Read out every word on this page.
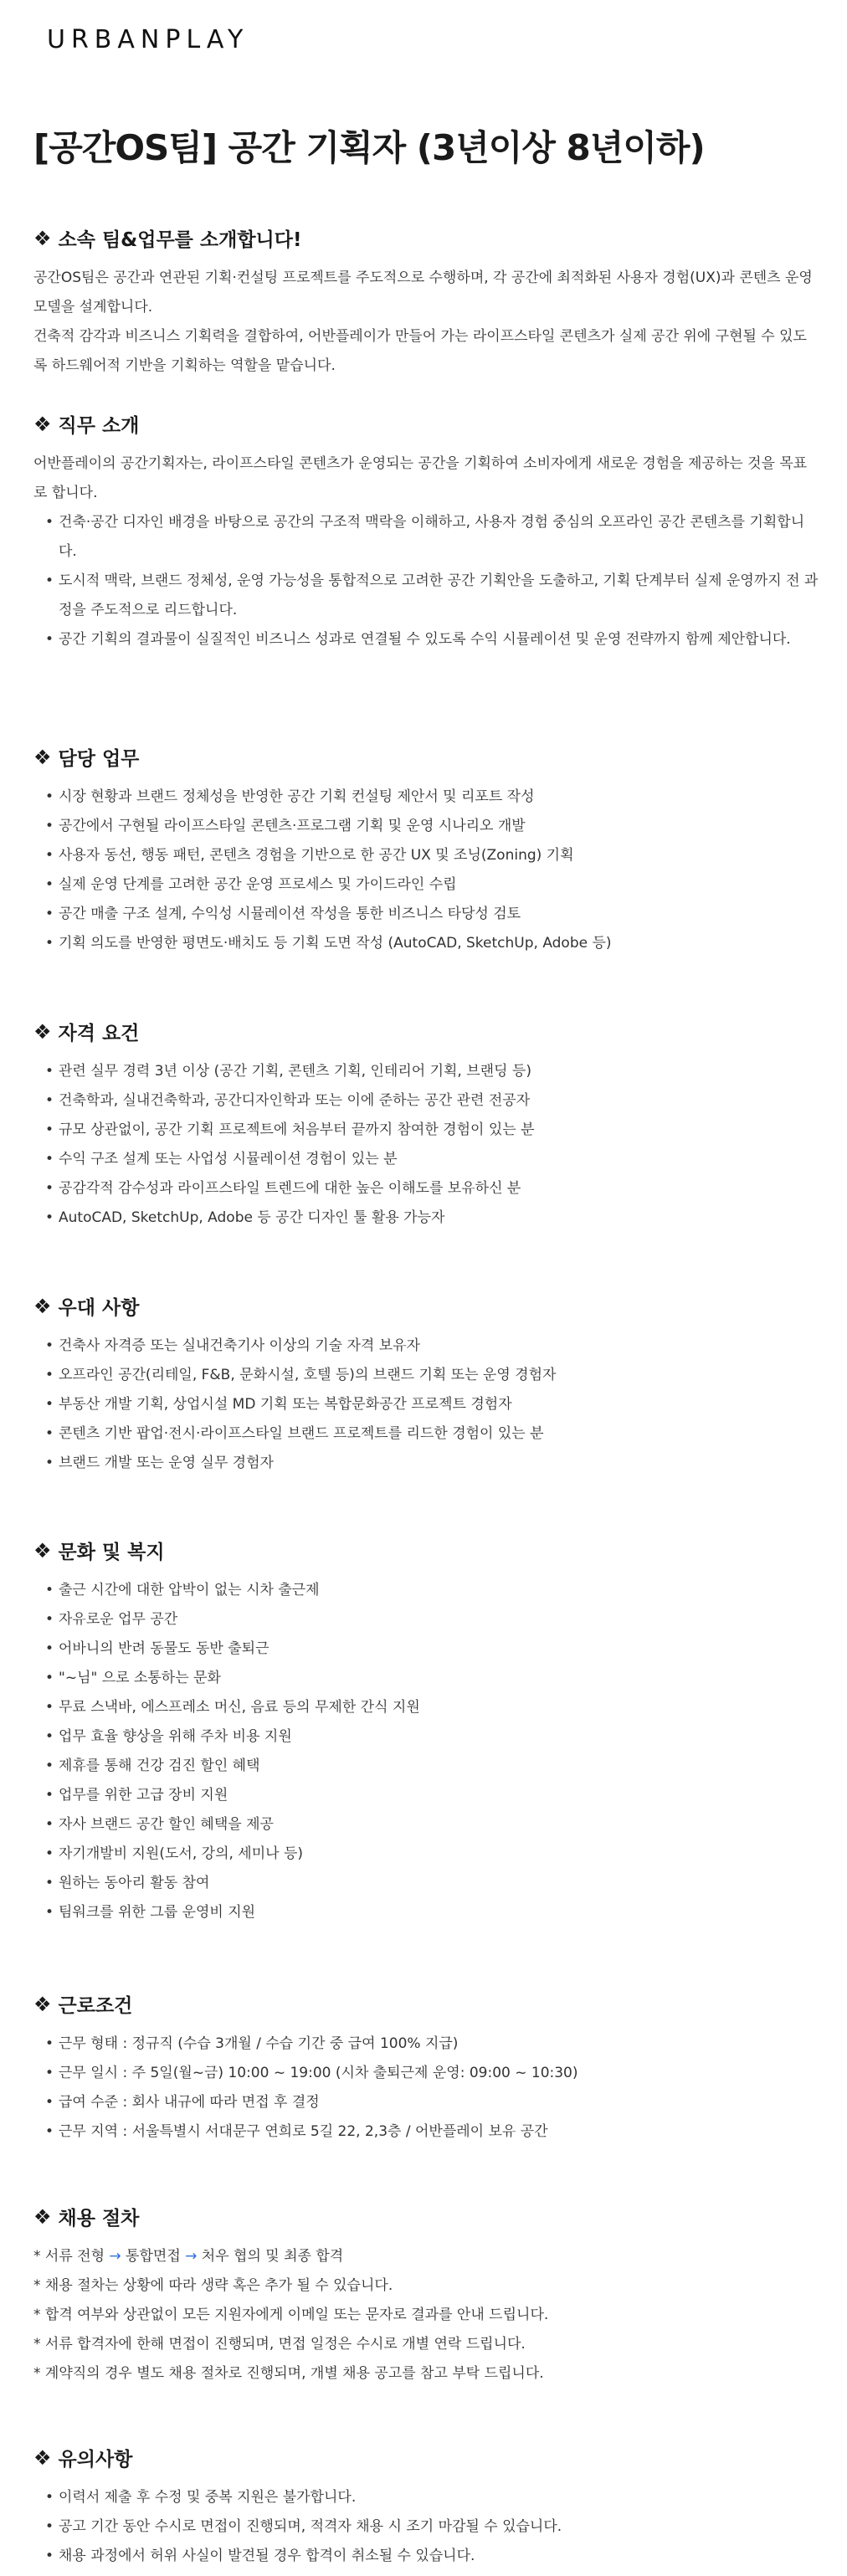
URBANPLAY
[공간OS팀] 공간 기획자 (3년이상 8년이하)
❖ 소속 팀&업무를 소개합니다!

공간OS팀은 공간과 연관된 기획·컨설팅 프로젝트를 주도적으로 수행하며, 각 공간에 최적화된 사용자 경험(UX)과 콘텐츠 운영 모델을 설계합니다.

건축적 감각과 비즈니스 기획력을 결합하여, 어반플레이가 만들어 가는 라이프스타일 콘텐츠가 실제 공간 위에 구현될 수 있도록 하드웨어적 기반을 기획하는 역할을 맡습니다.

❖ 직무 소개

어반플레이의 공간기획자는, 라이프스타일 콘텐츠가 운영되는 공간을 기획하여 소비자에게 새로운 경험을 제공하는 것을 목표로 합니다.

• 건축·공간 디자인 배경을 바탕으로 공간의 구조적 맥락을 이해하고, 사용자 경험 중심의 오프라인 공간 콘텐츠를 기획합니다.
• 도시적 맥락, 브랜드 정체성, 운영 가능성을 통합적으로 고려한 공간 기획안을 도출하고, 기획 단계부터 실제 운영까지 전 과정을 주도적으로 리드합니다.
• 공간 기획의 결과물이 실질적인 비즈니스 성과로 연결될 수 있도록 수익 시뮬레이션 및 운영 전략까지 함께 제안합니다.
❖ 담당 업무
• 시장 현황과 브랜드 정체성을 반영한 공간 기획 컨설팅 제안서 및 리포트 작성
• 공간에서 구현될 라이프스타일 콘텐츠·프로그램 기획 및 운영 시나리오 개발
• 사용자 동선, 행동 패턴, 콘텐츠 경험을 기반으로 한 공간 UX 및 조닝(Zoning) 기획
• 실제 운영 단계를 고려한 공간 운영 프로세스 및 가이드라인 수립
• 공간 매출 구조 설계, 수익성 시뮬레이션 작성을 통한 비즈니스 타당성 검토
• 기획 의도를 반영한 평면도·배치도 등 기획 도면 작성 (AutoCAD, SketchUp, Adobe 등)
❖ 자격 요건
• 관련 실무 경력 3년 이상 (공간 기획, 콘텐츠 기획, 인테리어 기획, 브랜딩 등)
• 건축학과, 실내건축학과, 공간디자인학과 또는 이에 준하는 공간 관련 전공자
• 규모 상관없이, 공간 기획 프로젝트에 처음부터 끝까지 참여한 경험이 있는 분
• 수익 구조 설계 또는 사업성 시뮬레이션 경험이 있는 분
• 공감각적 감수성과 라이프스타일 트렌드에 대한 높은 이해도를 보유하신 분
• AutoCAD, SketchUp, Adobe 등 공간 디자인 툴 활용 가능자
❖ 우대 사항
• 건축사 자격증 또는 실내건축기사 이상의 기술 자격 보유자
• 오프라인 공간(리테일, F&B, 문화시설, 호텔 등)의 브랜드 기획 또는 운영 경험자
• 부동산 개발 기획, 상업시설 MD 기획 또는 복합문화공간 프로젝트 경험자
• 콘텐츠 기반 팝업·전시·라이프스타일 브랜드 프로젝트를 리드한 경험이 있는 분
• 브랜드 개발 또는 운영 실무 경험자
❖ 문화 및 복지
• 출근 시간에 대한 압박이 없는 시차 출근제
• 자유로운 업무 공간
• 어바니의 반려 동물도 동반 출퇴근
• "~님" 으로 소통하는 문화
• 무료 스낵바, 에스프레소 머신, 음료 등의 무제한 간식 지원
• 업무 효율 향상을 위해 주차 비용 지원
• 제휴를 통해 건강 검진 할인 혜택
• 업무를 위한 고급 장비 지원
• 자사 브랜드 공간 할인 혜택을 제공
• 자기개발비 지원(도서, 강의, 세미나 등)
• 원하는 동아리 활동 참여
• 팀워크를 위한 그룹 운영비 지원
❖ 근로조건
• 근무 형태 : 정규직 (수습 3개월 / 수습 기간 중 급여 100% 지급)
• 근무 일시 : 주 5일(월~금) 10:00 ~ 19:00 (시차 출퇴근제 운영: 09:00 ~ 10:30)
• 급여 수준 : 회사 내규에 따라 면접 후 결정
• 근무 지역 : 서울특별시 서대문구 연희로 5길 22, 2,3층 / 어반플레이 보유 공간
❖ 채용 절차
* 서류 전형 → 통합면접 → 처우 협의 및 최종 합격
* 채용 절차는 상황에 따라 생략 혹은 추가 될 수 있습니다.
* 합격 여부와 상관없이 모든 지원자에게 이메일 또는 문자로 결과를 안내 드립니다.
* 서류 합격자에 한해 면접이 진행되며, 면접 일정은 수시로 개별 연락 드립니다.
* 계약직의 경우 별도 채용 절차로 진행되며, 개별 채용 공고를 참고 부탁 드립니다.
❖ 유의사항
• 이력서 제출 후 수정 및 중복 지원은 불가합니다.
• 공고 기간 동안 수시로 면접이 진행되며, 적격자 채용 시 조기 마감될 수 있습니다.
• 채용 과정에서 허위 사실이 발견될 경우 합격이 취소될 수 있습니다.
